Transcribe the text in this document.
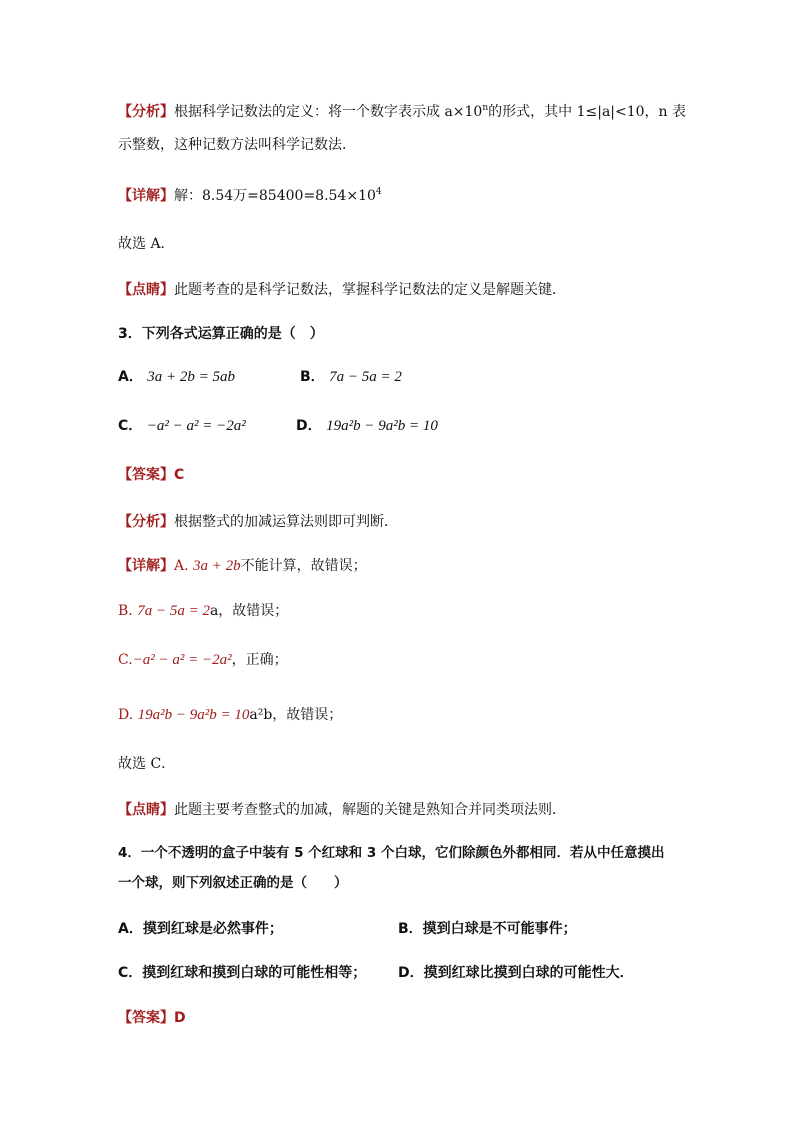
【分析】根据科学记数法的定义：将一个数字表示成 $a\times 10^n$的形式，其中 1≤|a|<10，n 表
示整数，这种记数方法叫科学记数法．
【详解】解：8.54万$=85400=8.54\times 10^4$
故选 A．
【点睛】此题考查的是科学记数法，掌握科学记数法的定义是解题关键．
3．下列各式运算正确的是（　）
A． 3a + 2b = 5ab	B． 7a − 5a = 2
C． −a² − a² = −2a²	D． 19a²b − 9a²b = 10
【答案】C
【分析】根据整式的加减运算法则即可判断．
【详解】A. 3a + 2b不能计算，故错误；
B. 7a − 5a = 2a，故错误；
C.−a² − a² = −2a²，正确；
D. 19a²b − 9a²b = 10a²b，故错误；
故选 C．
【点睛】此题主要考查整式的加减，解题的关键是熟知合并同类项法则．
4．一个不透明的盒子中装有 5 个红球和 3 个白球，它们除颜色外都相同．若从中任意摸出
一个球，则下列叙述正确的是（　　）
A．摸到红球是必然事件；	B．摸到白球是不可能事件；
C．摸到红球和摸到白球的可能性相等； D．摸到红球比摸到白球的可能性大．
【答案】D
